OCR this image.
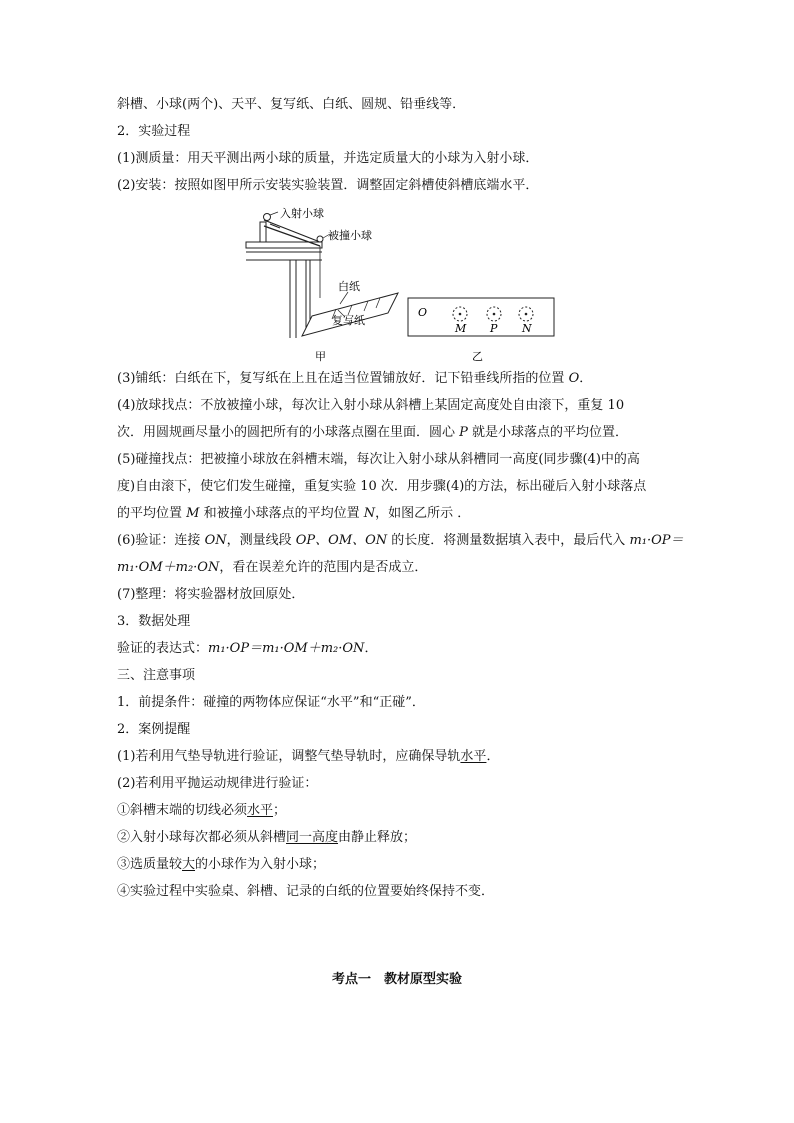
斜槽、小球(两个)、天平、复写纸、白纸、圆规、铅垂线等．
2．实验过程
(1)测质量：用天平测出两小球的质量，并选定质量大的小球为入射小球．
(2)安装：按照如图甲所示安装实验装置．调整固定斜槽使斜槽底端水平．
入射小球
被撞小球
白纸
复写纸
O
M P N
甲	乙
(3)铺纸：白纸在下，复写纸在上且在适当位置铺放好．记下铅垂线所指的位置 O．
(4)放球找点：不放被撞小球，每次让入射小球从斜槽上某固定高度处自由滚下，重复 10
次．用圆规画尽量小的圆把所有的小球落点圈在里面．圆心 P 就是小球落点的平均位置．
(5)碰撞找点：把被撞小球放在斜槽末端，每次让入射小球从斜槽同一高度(同步骤(4)中的高
度)自由滚下，使它们发生碰撞，重复实验 10 次．用步骤(4)的方法，标出碰后入射小球落点
的平均位置 M 和被撞小球落点的平均位置 N，如图乙所示 ．
(6)验证：连接 ON，测量线段 OP、OM、ON 的长度．将测量数据填入表中，最后代入 m₁·OP＝
m₁·OM＋m₂·ON，看在误差允许的范围内是否成立．
(7)整理：将实验器材放回原处．
3．数据处理
验证的表达式：m₁·OP＝m₁·OM＋m₂·ON．
三、注意事项
1．前提条件：碰撞的两物体应保证“水平”和“正碰”．
2．案例提醒
(1)若利用气垫导轨进行验证，调整气垫导轨时，应确保导轨水平．
(2)若利用平抛运动规律进行验证：
①斜槽末端的切线必须水平；
②入射小球每次都必须从斜槽同一高度由静止释放；
③选质量较大的小球作为入射小球；
④实验过程中实验桌、斜槽、记录的白纸的位置要始终保持不变．
考点一　教材原型实验
